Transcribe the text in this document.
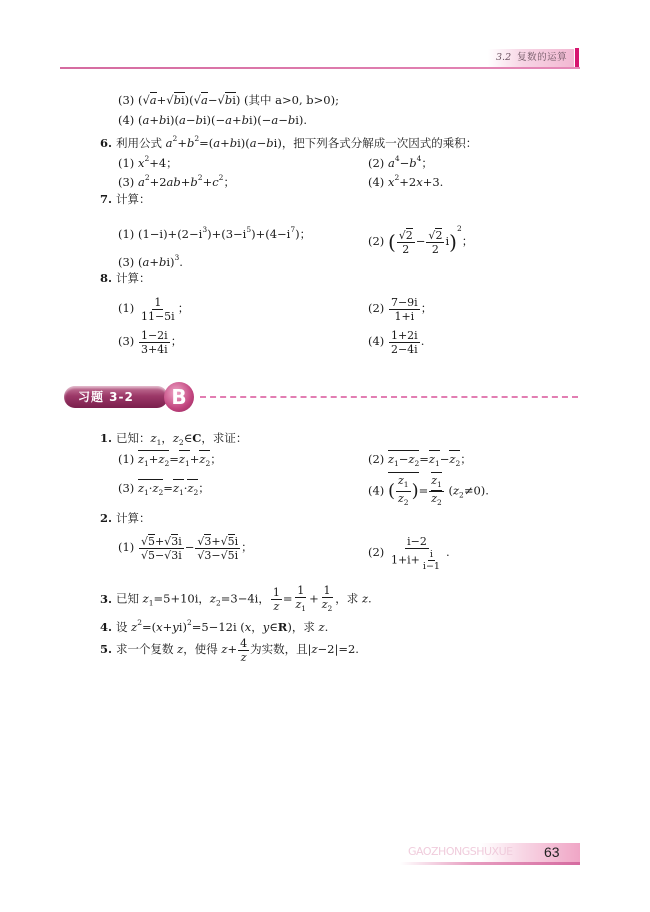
3.2 复数的运算
(3) (√a+√bi)(√a−√bi) (其中 a>0, b>0);
(4) (a+bi)(a−bi)(−a+bi)(−a−bi).
6. 利用公式 $a^2+b^2=(a+bi)(a-bi)$，把下列各式分解成一次因式的乘积：
(1) $x^2+4$；	(2) $a^4-b^4$；
(3) $a^2+2ab+b^2+c^2$；	(4) $x^2+2x+3$.
7. 计算：
(1) $(1-i)+(2-i^3)+(3-i^5)+(4-i^7)$；	(2) ( $\frac{√2}{2} - \frac{√2}{2} i)^2$；
(3) $(a+bi)^3$.
8. 计算：
$(1) \frac{1}{11-5i}$ ；	$(2) \frac{7-9i}{1+i}$ ；
$(3) \frac{1-2i}{3+4i}$ ；	$(4) \frac{1+2i}{2-4i}$ .
习题 3-2	B
1. 已知：$z_1$，$z_2\in C$，求证：
(1) $z_1+z_2=z_1+z_2$；	(2) $z_1-z_2=z_1-z_2$；
(3) $z_1\cdot z_2=z_1\cdot z_2$；	(4) ( $\frac{z_1}{z_2}$ )= $\frac{z_1}{z_2} (z_2\ne 0)$.
2. 计算：
$(1) \frac{√5+√3i}{√5-√3i} - \frac{√3+√5i}{√3-√5i}$ ；	$(2) \frac{i-2}{1+i+ \frac{i}{i-1}}$ .
3. 已知 $z_1=5+10i$，$z_2=3-4i$， $\frac{1}{z} = \frac{1}{z_1} + \frac{1}{z_2}$ ，求 z.
4. 设 $z^2=(x+yi)^2=5-12i$ (x，y∈R)，求 z.
5. 求一个复数 z，使得 $z+ \frac{4}{z}$ 为实数，且|z−2|=2.
GAOZHONGSHUXUE 63
